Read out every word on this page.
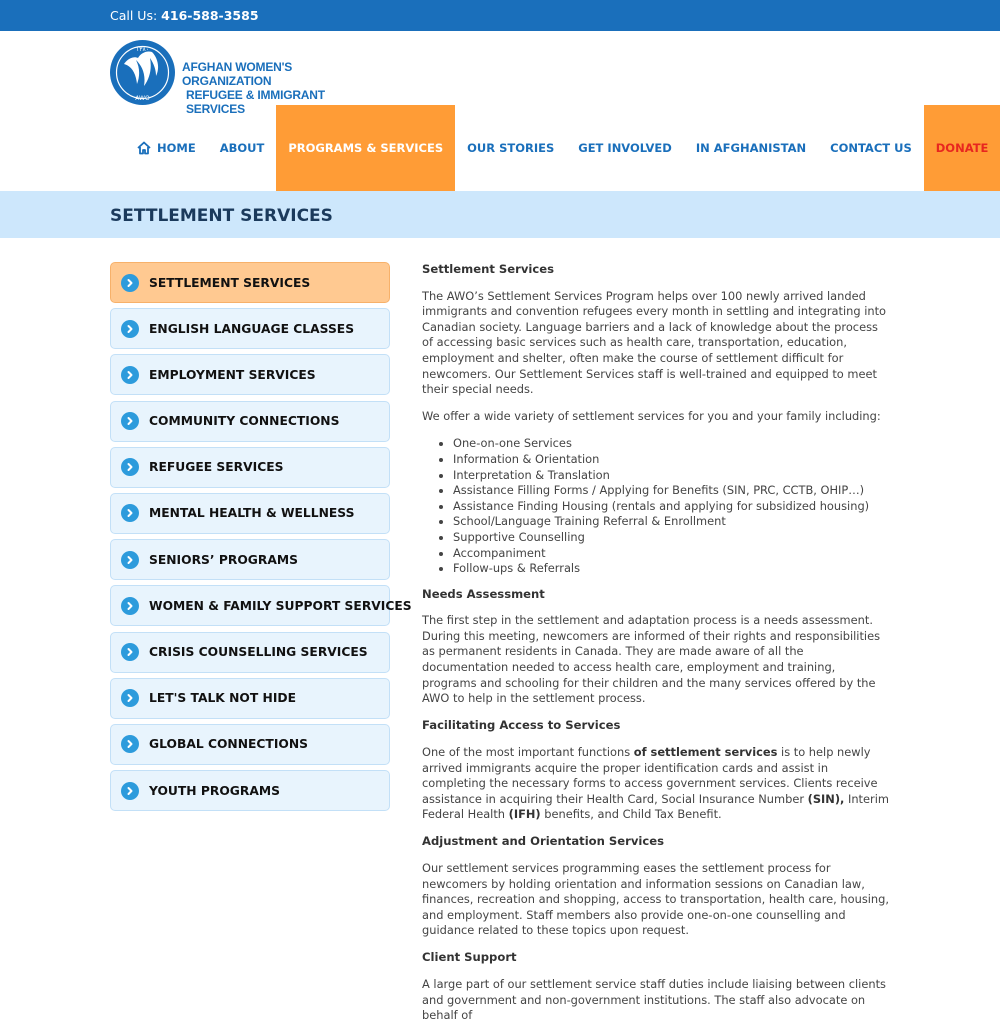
Call Us: 416-588-3585
۱۳۸۰
AWO
AFGHAN WOMEN'S ORGANIZATION
REFUGEE & IMMIGRANT SERVICES
HOME	ABOUT	PROGRAMS & SERVICES	OUR STORIES	GET INVOLVED	IN AFGHANISTAN	CONTACT US	DONATE
SETTLEMENT SERVICES
SETTLEMENT SERVICES
ENGLISH LANGUAGE CLASSES
EMPLOYMENT SERVICES
COMMUNITY CONNECTIONS
REFUGEE SERVICES
MENTAL HEALTH & WELLNESS
SENIORS’ PROGRAMS
WOMEN & FAMILY SUPPORT SERVICES
CRISIS COUNSELLING SERVICES
LET'S TALK NOT HIDE
GLOBAL CONNECTIONS
YOUTH PROGRAMS
Settlement Services

The AWO’s Settlement Services Program helps over 100 newly arrived landed immigrants and convention refugees every month in settling and integrating into Canadian society. Language barriers and a lack of knowledge about the process of accessing basic services such as health care, transportation, education, employment and shelter, often make the course of settlement difficult for newcomers. Our Settlement Services staff is well-trained and equipped to meet their special needs.

We offer a wide variety of settlement services for you and your family including:

• One-on-one Services
• Information & Orientation
• Interpretation & Translation
• Assistance Filling Forms / Applying for Benefits (SIN, PRC, CCTB, OHIP…)
• Assistance Finding Housing (rentals and applying for subsidized housing)
• School/Language Training Referral & Enrollment
• Supportive Counselling
• Accompaniment
• Follow-ups & Referrals
Needs Assessment

The first step in the settlement and adaptation process is a needs assessment. During this meeting, newcomers are informed of their rights and responsibilities as permanent residents in Canada. They are made aware of all the documentation needed to access health care, employment and training, programs and schooling for their children and the many services offered by the AWO to help in the settlement process.

Facilitating Access to Services

One of the most important functions of settlement services is to help newly arrived immigrants acquire the proper identification cards and assist in completing the necessary forms to access government services. Clients receive assistance in acquiring their Health Card, Social Insurance Number (SIN), Interim Federal Health (IFH) benefits, and Child Tax Benefit.

Adjustment and Orientation Services

Our settlement services programming eases the settlement process for newcomers by holding orientation and information sessions on Canadian law, finances, recreation and shopping, access to transportation, health care, housing, and employment. Staff members also provide one-on-one counselling and guidance related to these topics upon request.

Client Support

A large part of our settlement service staff duties include liaising between clients and government and non-government institutions. The staff also advocate on behalf of
